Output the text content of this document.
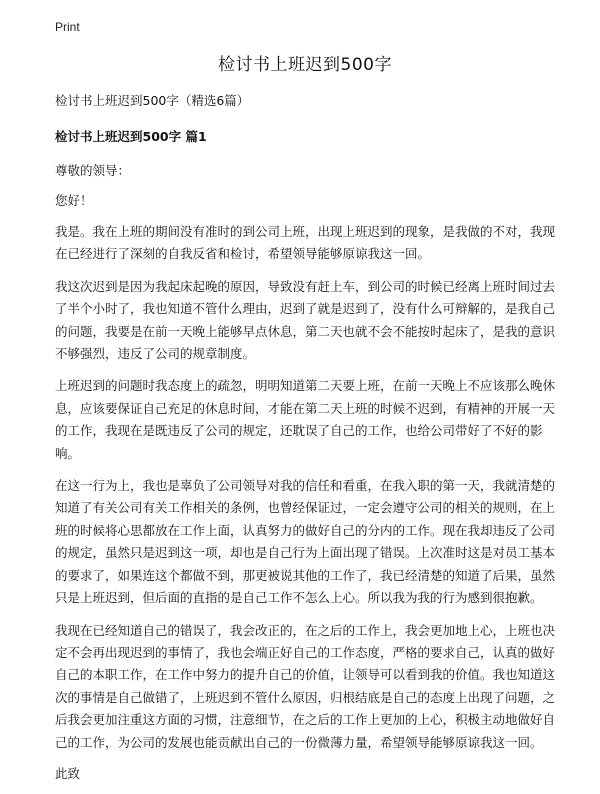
Print
检讨书上班迟到500字

检讨书上班迟到500字（精选6篇）

检讨书上班迟到500字 篇1

尊敬的领导：

您好！

我是。我在上班的期间没有准时的到公司上班，出现上班迟到的现象，是我做的不对，我现在已经进行了深刻的自我反省和检讨，希望领导能够原谅我这一回。

我这次迟到是因为我起床起晚的原因，导致没有赶上车，到公司的时候已经离上班时间过去了半个小时了，我也知道不管什么理由，迟到了就是迟到了，没有什么可辩解的，是我自己的问题，我要是在前一天晚上能够早点休息，第二天也就不会不能按时起床了，是我的意识不够强烈，违反了公司的规章制度。

上班迟到的问题时我态度上的疏忽，明明知道第二天要上班，在前一天晚上不应该那么晚休息，应该要保证自己充足的休息时间，才能在第二天上班的时候不迟到，有精神的开展一天的工作，我现在是既违反了公司的规定，还耽误了自己的工作，也给公司带好了不好的影响。

在这一行为上，我也是辜负了公司领导对我的信任和看重，在我入职的第一天，我就清楚的知道了有关公司有关工作相关的条例，也曾经保证过，一定会遵守公司的相关的规则，在上班的时候将心思都放在工作上面，认真努力的做好自己的分内的工作。现在我却违反了公司的规定，虽然只是迟到这一项，却也是自己行为上面出现了错误。上次准时这是对员工基本的要求了，如果连这个都做不到，那更被说其他的工作了，我已经清楚的知道了后果，虽然只是上班迟到，但后面的直指的是自己工作不怎么上心。所以我为我的行为感到很抱歉。

我现在已经知道自己的错误了，我会改正的，在之后的工作上，我会更加地上心，上班也决定不会再出现迟到的事情了，我也会端正好自己的工作态度，严格的要求自己，认真的做好自己的本职工作，在工作中努力的提升自己的价值，让领导可以看到我的价值。我也知道这次的事情是自己做错了，上班迟到不管什么原因，归根结底是自己的态度上出现了问题，之后我会更加注重这方面的习惯，注意细节，在之后的工作上更加的上心，积极主动地做好自己的工作，为公司的发展也能贡献出自己的一份微薄力量，希望领导能够原谅我这一回。

此致
